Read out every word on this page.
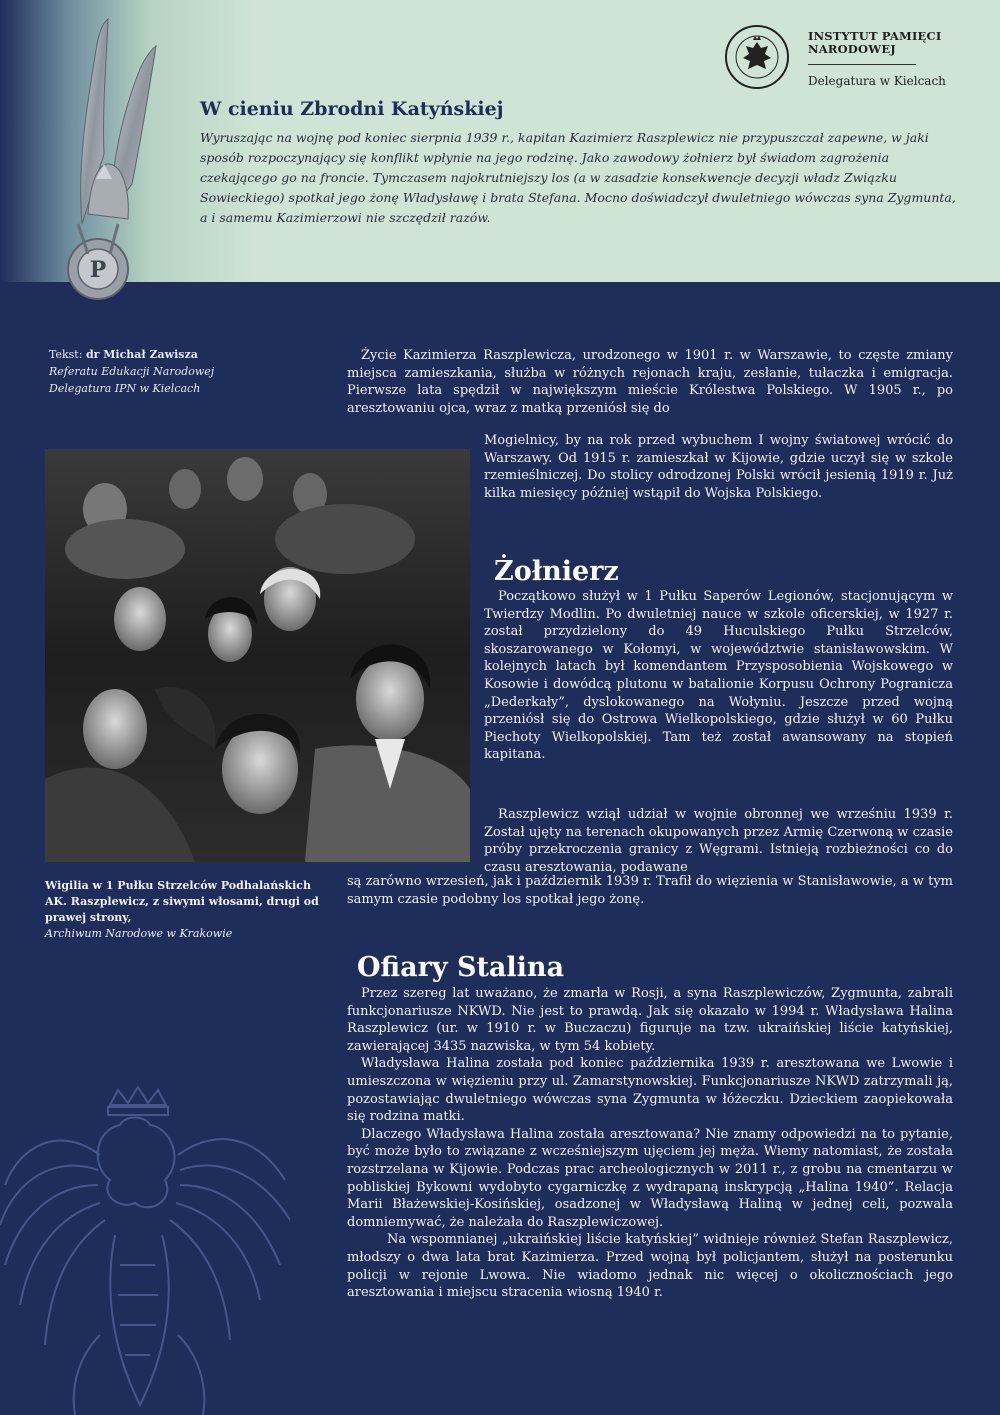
P
INSTYTUT PAMIĘCI NARODOWEJ
Delegatura w Kielcach
W cieniu Zbrodni Katyńskiej

Wyruszając na wojnę pod koniec sierpnia 1939 r., kapitan Kazimierz Raszplewicz nie przypuszczał zapewne, w jaki sposób rozpoczynający się konflikt wpłynie na jego rodzinę. Jako zawodowy żołnierz był świadom zagrożenia czekającego go na froncie. Tymczasem najokrutniejszy los (a w zasadzie konsekwencje decyzji władz Związku Sowieckiego) spotkał jego żonę Władysławę i brata Stefana. Mocno doświadczył dwuletniego wówczas syna Zygmunta, a i samemu Kazimierzowi nie szczędził razów.

Tekst: dr Michał Zawisza
Referatu Edukacji Narodowej
Delegatura IPN w Kielcach
Wigilia w 1 Pułku Strzelców Podhalańskich AK. Raszplewicz, z siwymi włosami, drugi od prawej strony,
Archiwum Narodowe w Krakowie

Życie Kazimierza Raszplewicza, urodzonego w 1901 r. w Warszawie, to częste zmiany miejsca zamieszkania, służba w różnych rejonach kraju, zesłanie, tułaczka i emigracja. Pierwsze lata spędził w największym mieście Królestwa Polskiego. W 1905 r., po aresztowaniu ojca, wraz z matką przeniósł się do

Mogielnicy, by na rok przed wybuchem I wojny światowej wrócić do Warszawy. Od 1915 r. zamieszkał w Kijowie, gdzie uczył się w szkole rzemieślniczej. Do stolicy odrodzonej Polski wrócił jesienią 1919 r. Już kilka miesięcy później wstąpił do Wojska Polskiego.

Żołnierz

Początkowo służył w 1 Pułku Saperów Legionów, stacjonującym w Twierdzy Modlin. Po dwuletniej nauce w szkole oficerskiej, w 1927 r. został przydzielony do 49 Huculskiego Pułku Strzelców, skoszarowanego w Kołomyi, w województwie stanisławowskim. W kolejnych latach był komendantem Przysposobienia Wojskowego w Kosowie i dowódcą plutonu w batalionie Korpusu Ochrony Pogranicza „Dederkały”, dyslokowanego na Wołyniu. Jeszcze przed wojną przeniósł się do Ostrowa Wielkopolskiego, gdzie służył w 60 Pułku Piechoty Wielkopolskiej. Tam też został awansowany na stopień kapitana.

Raszplewicz wziął udział w wojnie obronnej we wrześniu 1939 r. Został ujęty na terenach okupowanych przez Armię Czerwoną w czasie próby przekroczenia granicy z Węgrami. Istnieją rozbieżności co do czasu aresztowania, podawane

są zarówno wrzesień, jak i październik 1939 r. Trafił do więzienia w Stanisławowie, a w tym samym czasie podobny los spotkał jego żonę.

Ofiary Stalina

Przez szereg lat uważano, że zmarła w Rosji, a syna Raszplewiczów, Zygmunta, zabrali funkcjonariusze NKWD. Nie jest to prawdą. Jak się okazało w 1994 r. Władysława Halina Raszplewicz (ur. w 1910 r. w Buczaczu) figuruje na tzw. ukraińskiej liście katyńskiej, zawierającej 3435 nazwiska, w tym 54 kobiety.

Władysława Halina została pod koniec października 1939 r. aresztowana we Lwowie i umieszczona w więzieniu przy ul. Zamarstynowskiej. Funkcjonariusze NKWD zatrzymali ją, pozostawiając dwuletniego wówczas syna Zygmunta w łóżeczku. Dzieckiem zaopiekowała się rodzina matki.

Dlaczego Władysława Halina została aresztowana? Nie znamy odpowiedzi na to pytanie, być może było to związane z wcześniejszym ujęciem jej męża. Wiemy natomiast, że została rozstrzelana w Kijowie. Podczas prac archeologicznych w 2011 r., z grobu na cmentarzu w pobliskiej Bykowni wydobyto cygarniczkę z wydrapaną inskrypcją „Halina 1940”. Relacja Marii Błażewskiej-Kosińskiej, osadzonej w Władysławą Haliną w jednej celi, pozwala domniemywać, że należała do Raszplewiczowej.

Na wspomnianej „ukraińskiej liście katyńskiej” widnieje również Stefan Raszplewicz, młodszy o dwa lata brat Kazimierza. Przed wojną był policjantem, służył na posterunku policji w rejonie Lwowa. Nie wiadomo jednak nic więcej o okolicznościach jego aresztowania i miejscu stracenia wiosną 1940 r.
